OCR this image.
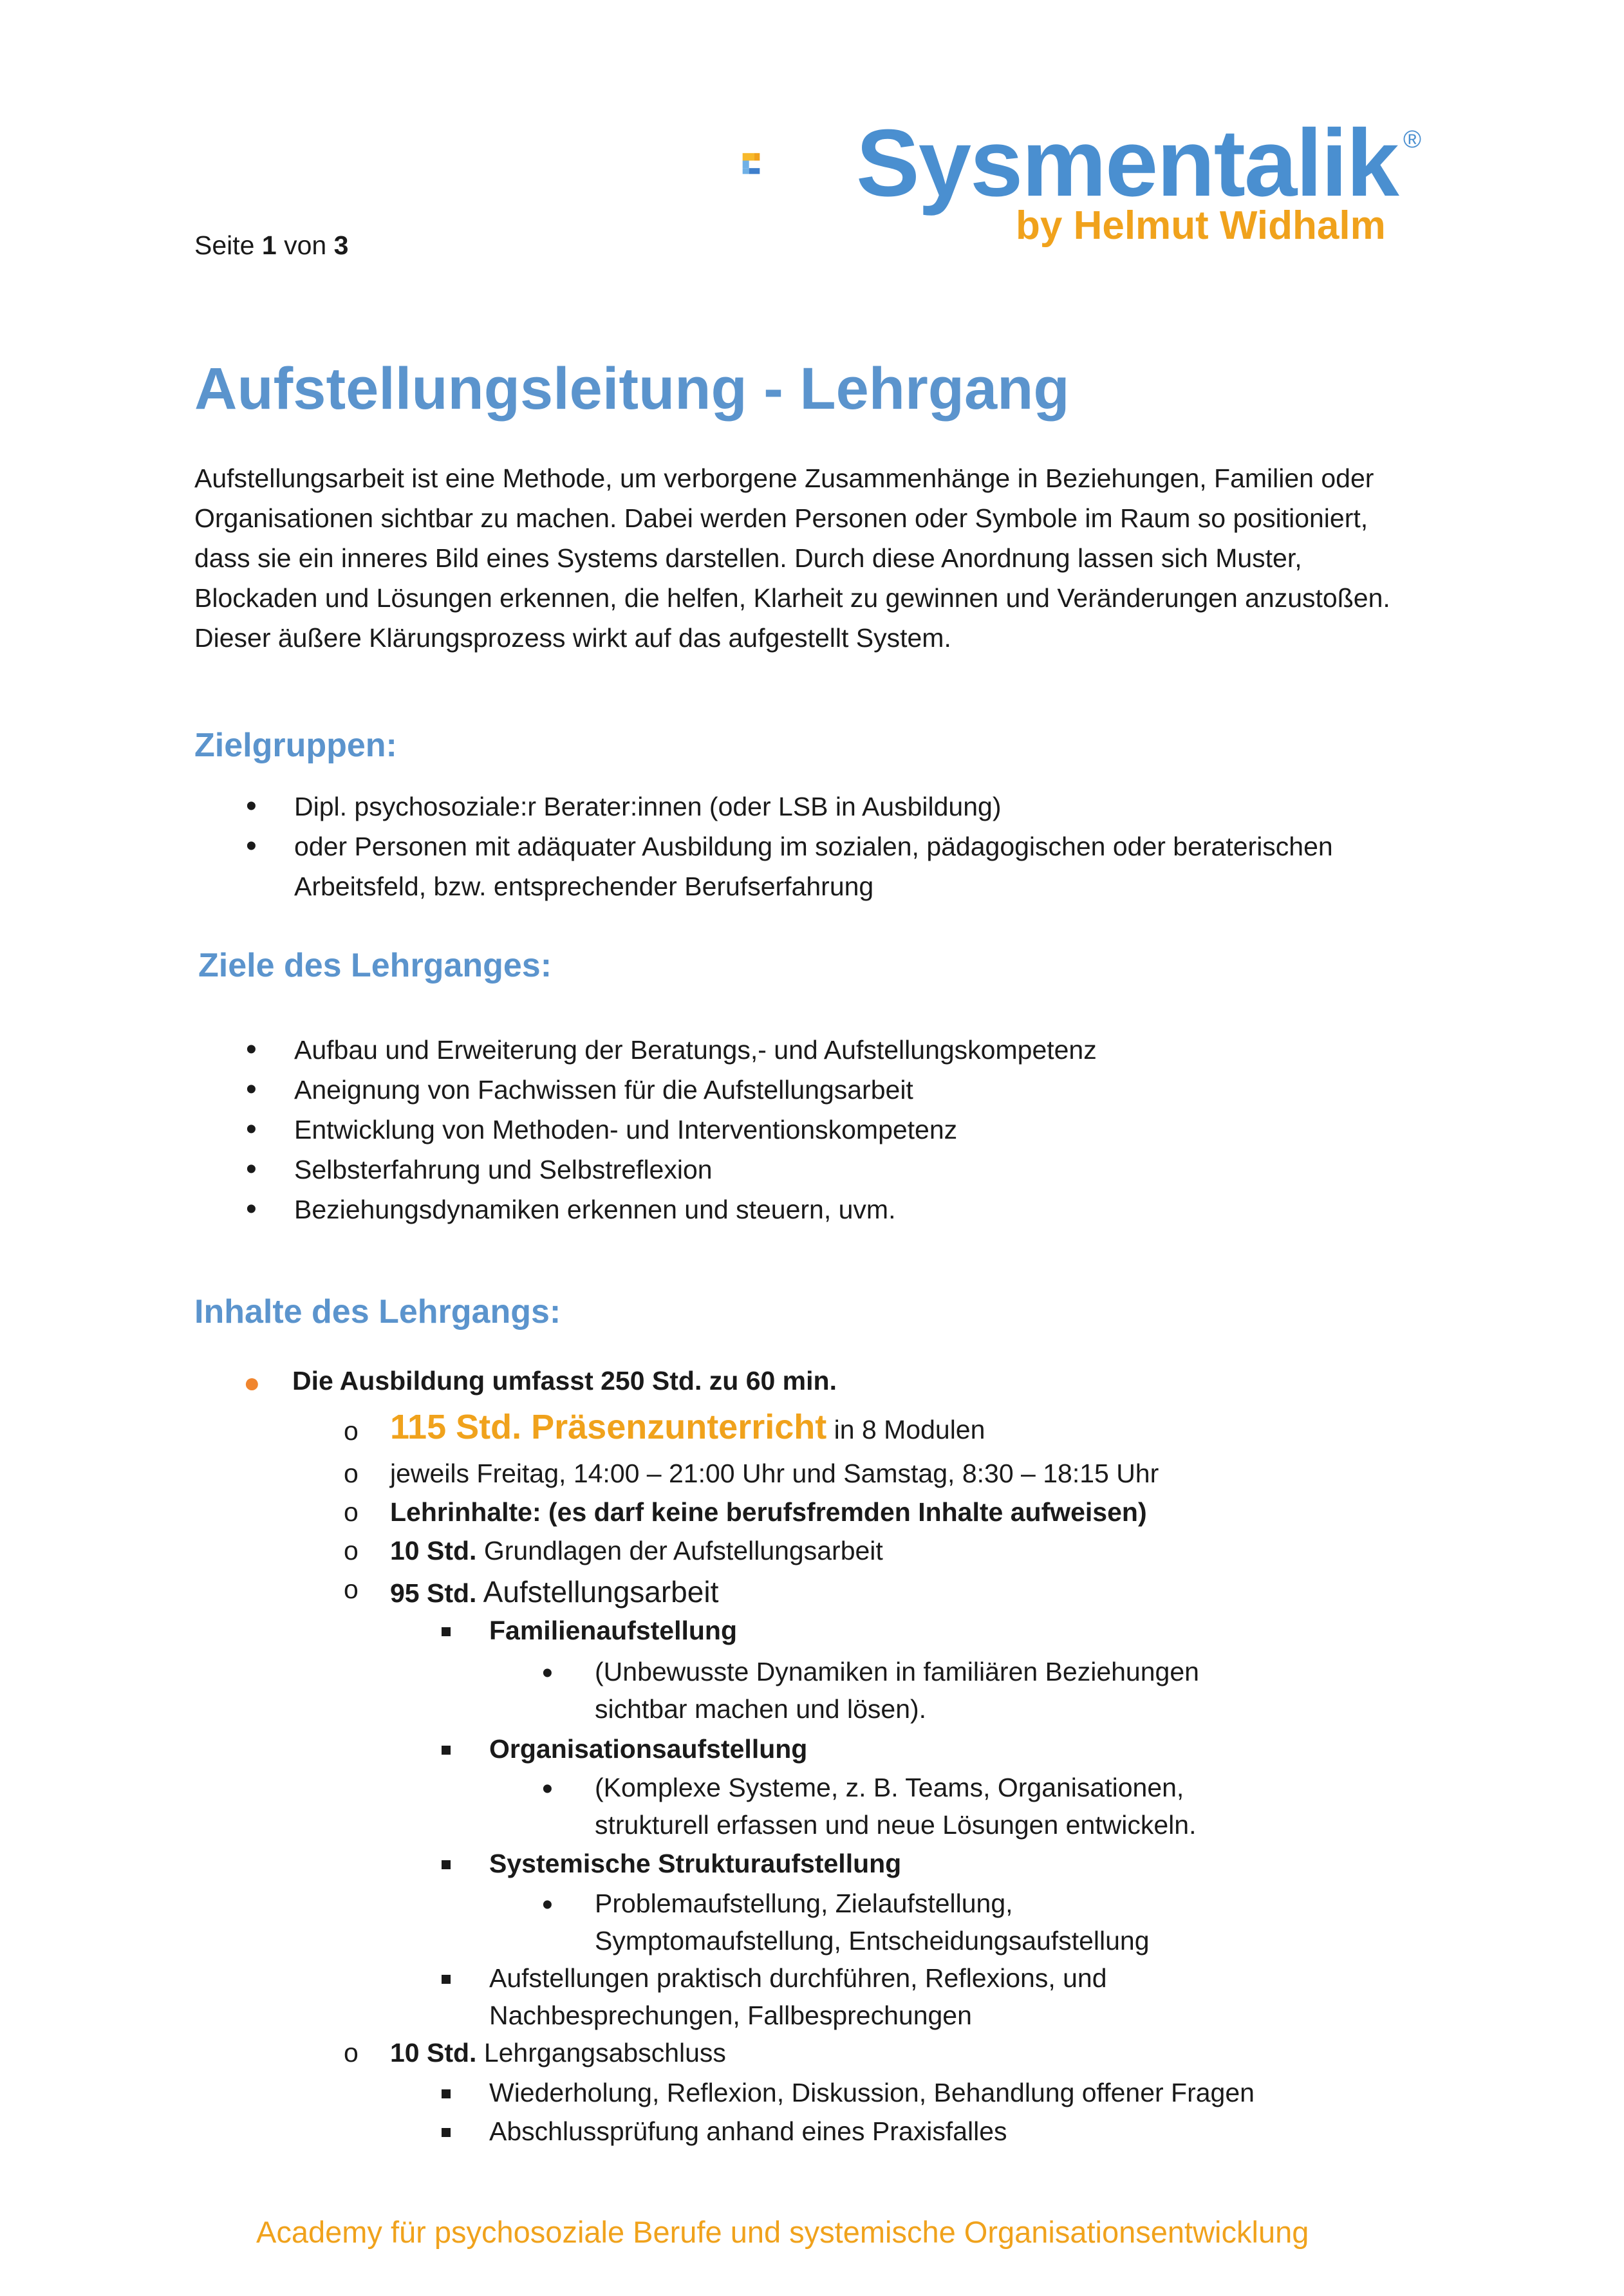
Seite 1 von 3
Sysmentalik ®
by Helmut Widhalm
Aufstellungsleitung - Lehrgang
Aufstellungsarbeit ist eine Methode, um verborgene Zusammenhänge in Beziehungen, Familien oder Organisationen sichtbar zu machen. Dabei werden Personen oder Symbole im Raum so positioniert, dass sie ein inneres Bild eines Systems darstellen. Durch diese Anordnung lassen sich Muster, Blockaden und Lösungen erkennen, die helfen, Klarheit zu gewinnen und Veränderungen anzustoßen. Dieser äußere Klärungsprozess wirkt auf das aufgestellt System.
Zielgruppen:
• Dipl. psychosoziale:r Berater:innen (oder LSB in Ausbildung)
• oder Personen mit adäquater Ausbildung im sozialen, pädagogischen oder beraterischen Arbeitsfeld, bzw. entsprechender Berufserfahrung
Ziele des Lehrganges:
• Aufbau und Erweiterung der Beratungs,- und Aufstellungskompetenz
• Aneignung von Fachwissen für die Aufstellungsarbeit
• Entwicklung von Methoden- und Interventionskompetenz
• Selbsterfahrung und Selbstreflexion
• Beziehungsdynamiken erkennen und steuern, uvm.
Inhalte des Lehrgangs:
● Die Ausbildung umfasst 250 Std. zu 60 min.
o 115 Std. Präsenzunterricht in 8 Modulen
o jeweils Freitag, 14:00 – 21:00 Uhr und Samstag, 8:30 – 18:15 Uhr
o Lehrinhalte: (es darf keine berufsfremden Inhalte aufweisen)
o 10 Std. Grundlagen der Aufstellungsarbeit
o 95 Std. Aufstellungsarbeit
Familienaufstellung
• (Unbewusste Dynamiken in familiären Beziehungen
sichtbar machen und lösen).
Organisationsaufstellung
• (Komplexe Systeme, z. B. Teams, Organisationen,
strukturell erfassen und neue Lösungen entwickeln.
Systemische Strukturaufstellung
• Problemaufstellung, Zielaufstellung,
Symptomaufstellung, Entscheidungsaufstellung
Aufstellungen praktisch durchführen, Reflexions, und
Nachbesprechungen, Fallbesprechungen
o 10 Std. Lehrgangsabschluss
Wiederholung, Reflexion, Diskussion, Behandlung offener Fragen
Abschlussprüfung anhand eines Praxisfalles
Academy für psychosoziale Berufe und systemische Organisationsentwicklung
